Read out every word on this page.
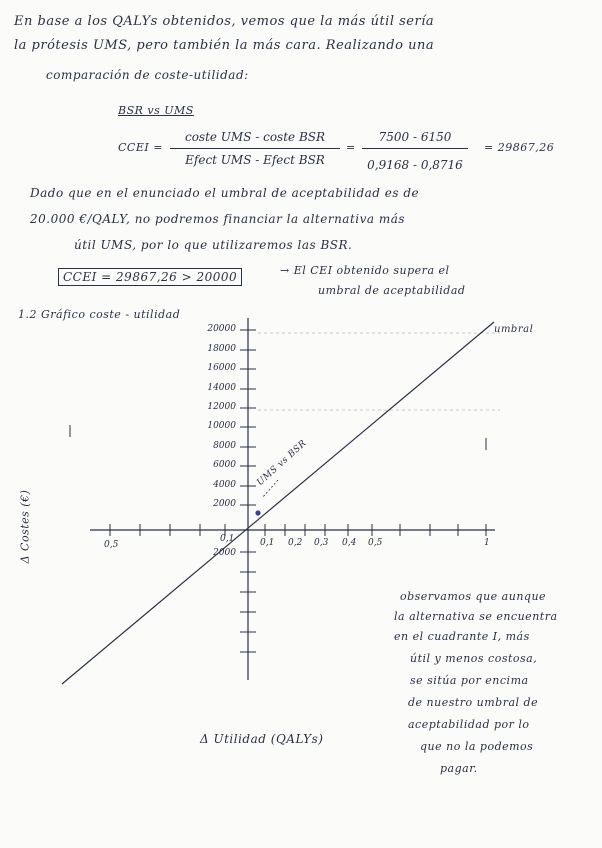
En base a los QALYs obtenidos, vemos que la más útil sería
la prótesis UMS, pero también la más cara. Realizando una
comparación de coste-utilidad:
BSR vs UMS
CCEI =
coste UMS - coste BSR
Efect UMS - Efect BSR
=
7500 - 6150
0,9168 - 0,8716
= 29867,26
Dado que en el enunciado el umbral de aceptabilidad es de
20.000 €/QALY, no podremos financiar la alternativa más
útil UMS, por lo que utilizaremos las BSR.
CCEI = 29867,26 > 20000	→ El CEI obtenido supera el
umbral de aceptabilidad
1.2 Gráfico coste - utilidad
20000
18000
16000
14000
12000
10000
8000
6000
4000
2000
2000
0,5
0,1	0,1 0,2 0,3 0,4 0,5	1
umbral
UMS vs BSR
Δ Costes (€)
Δ Utilidad (QALYs)
observamos que aunque
la alternativa se encuentra
en el cuadrante I, más
útil y menos costosa,
se sitúa por encima
de nuestro umbral de
aceptabilidad por lo
que no la podemos
pagar.
